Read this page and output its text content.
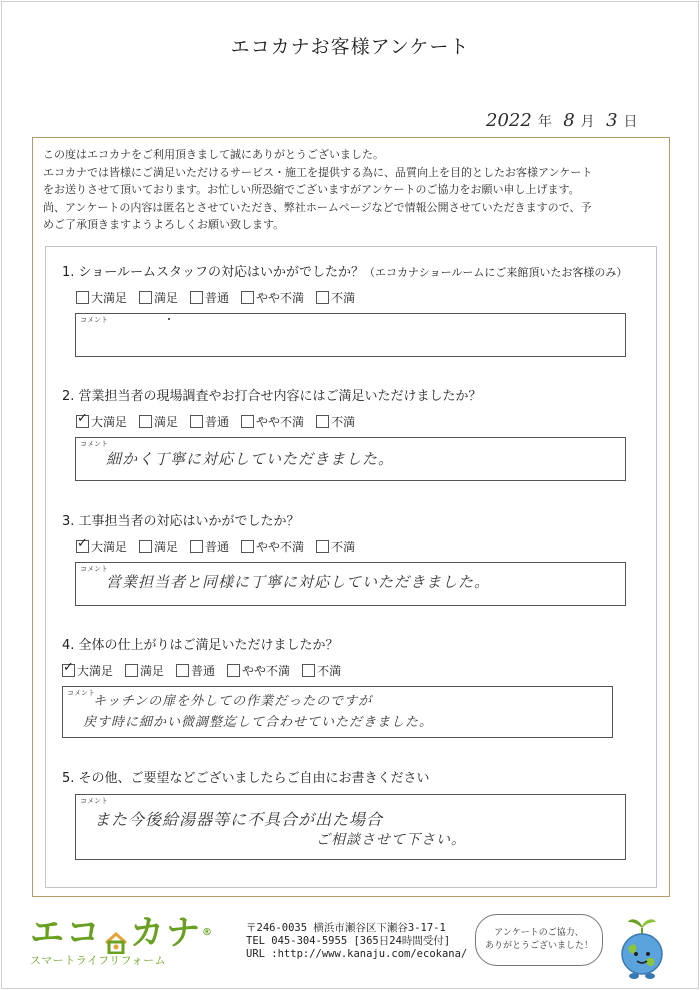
エコカナお客様アンケート
2022 年 8 月 3 日

この度はエコカナをご利用頂きまして誠にありがとうございました。

エコカナでは皆様にご満足いただけるサービス・施工を提供する為に、品質向上を目的としたお客様アンケート

をお送りさせて頂いております。お忙しい所恐縮でございますがアンケートのご協力をお願い申し上げます。

尚、アンケートの内容は匿名とさせていただき、弊社ホームページなどで情報公開させていただきますので、予

めご了承頂きますようよろしくお願い致します。

1. ショールームスタッフの対応はいかがでしたか？（エコカナショールームにご来館頂いたお客様のみ）
大満足 満足 普通 やや不満 不満
コメント
2. 営業担当者の現場調査やお打合せ内容にはご満足いただけましたか？
✓
大満足 満足 普通 やや不満 不満
コメント
細かく丁寧に対応していただきました。
3. 工事担当者の対応はいかがでしたか？
✓
大満足 満足 普通 やや不満 不満
コメント
営業担当者と同様に丁寧に対応していただきました。
4. 全体の仕上がりはご満足いただけましたか？
✓
大満足 満足 普通 やや不満 不満
コメント
キッチンの扉を外しての作業だったのですが
戻す時に細かい微調整迄して合わせていただきました。
5. その他、ご要望などございましたらご自由にお書きください
コメント
また今後給湯器等に不具合が出た場合
ご相談させて下さい。
エコ カナ®
スマートライフリフォーム
〒246-0035 横浜市瀬谷区下瀬谷3-17-1
TEL 045-304-5955 [365日24時間受付]
URL :http://www.kanaju.com/ecokana/
アンケートのご協力、
ありがとうございました！
